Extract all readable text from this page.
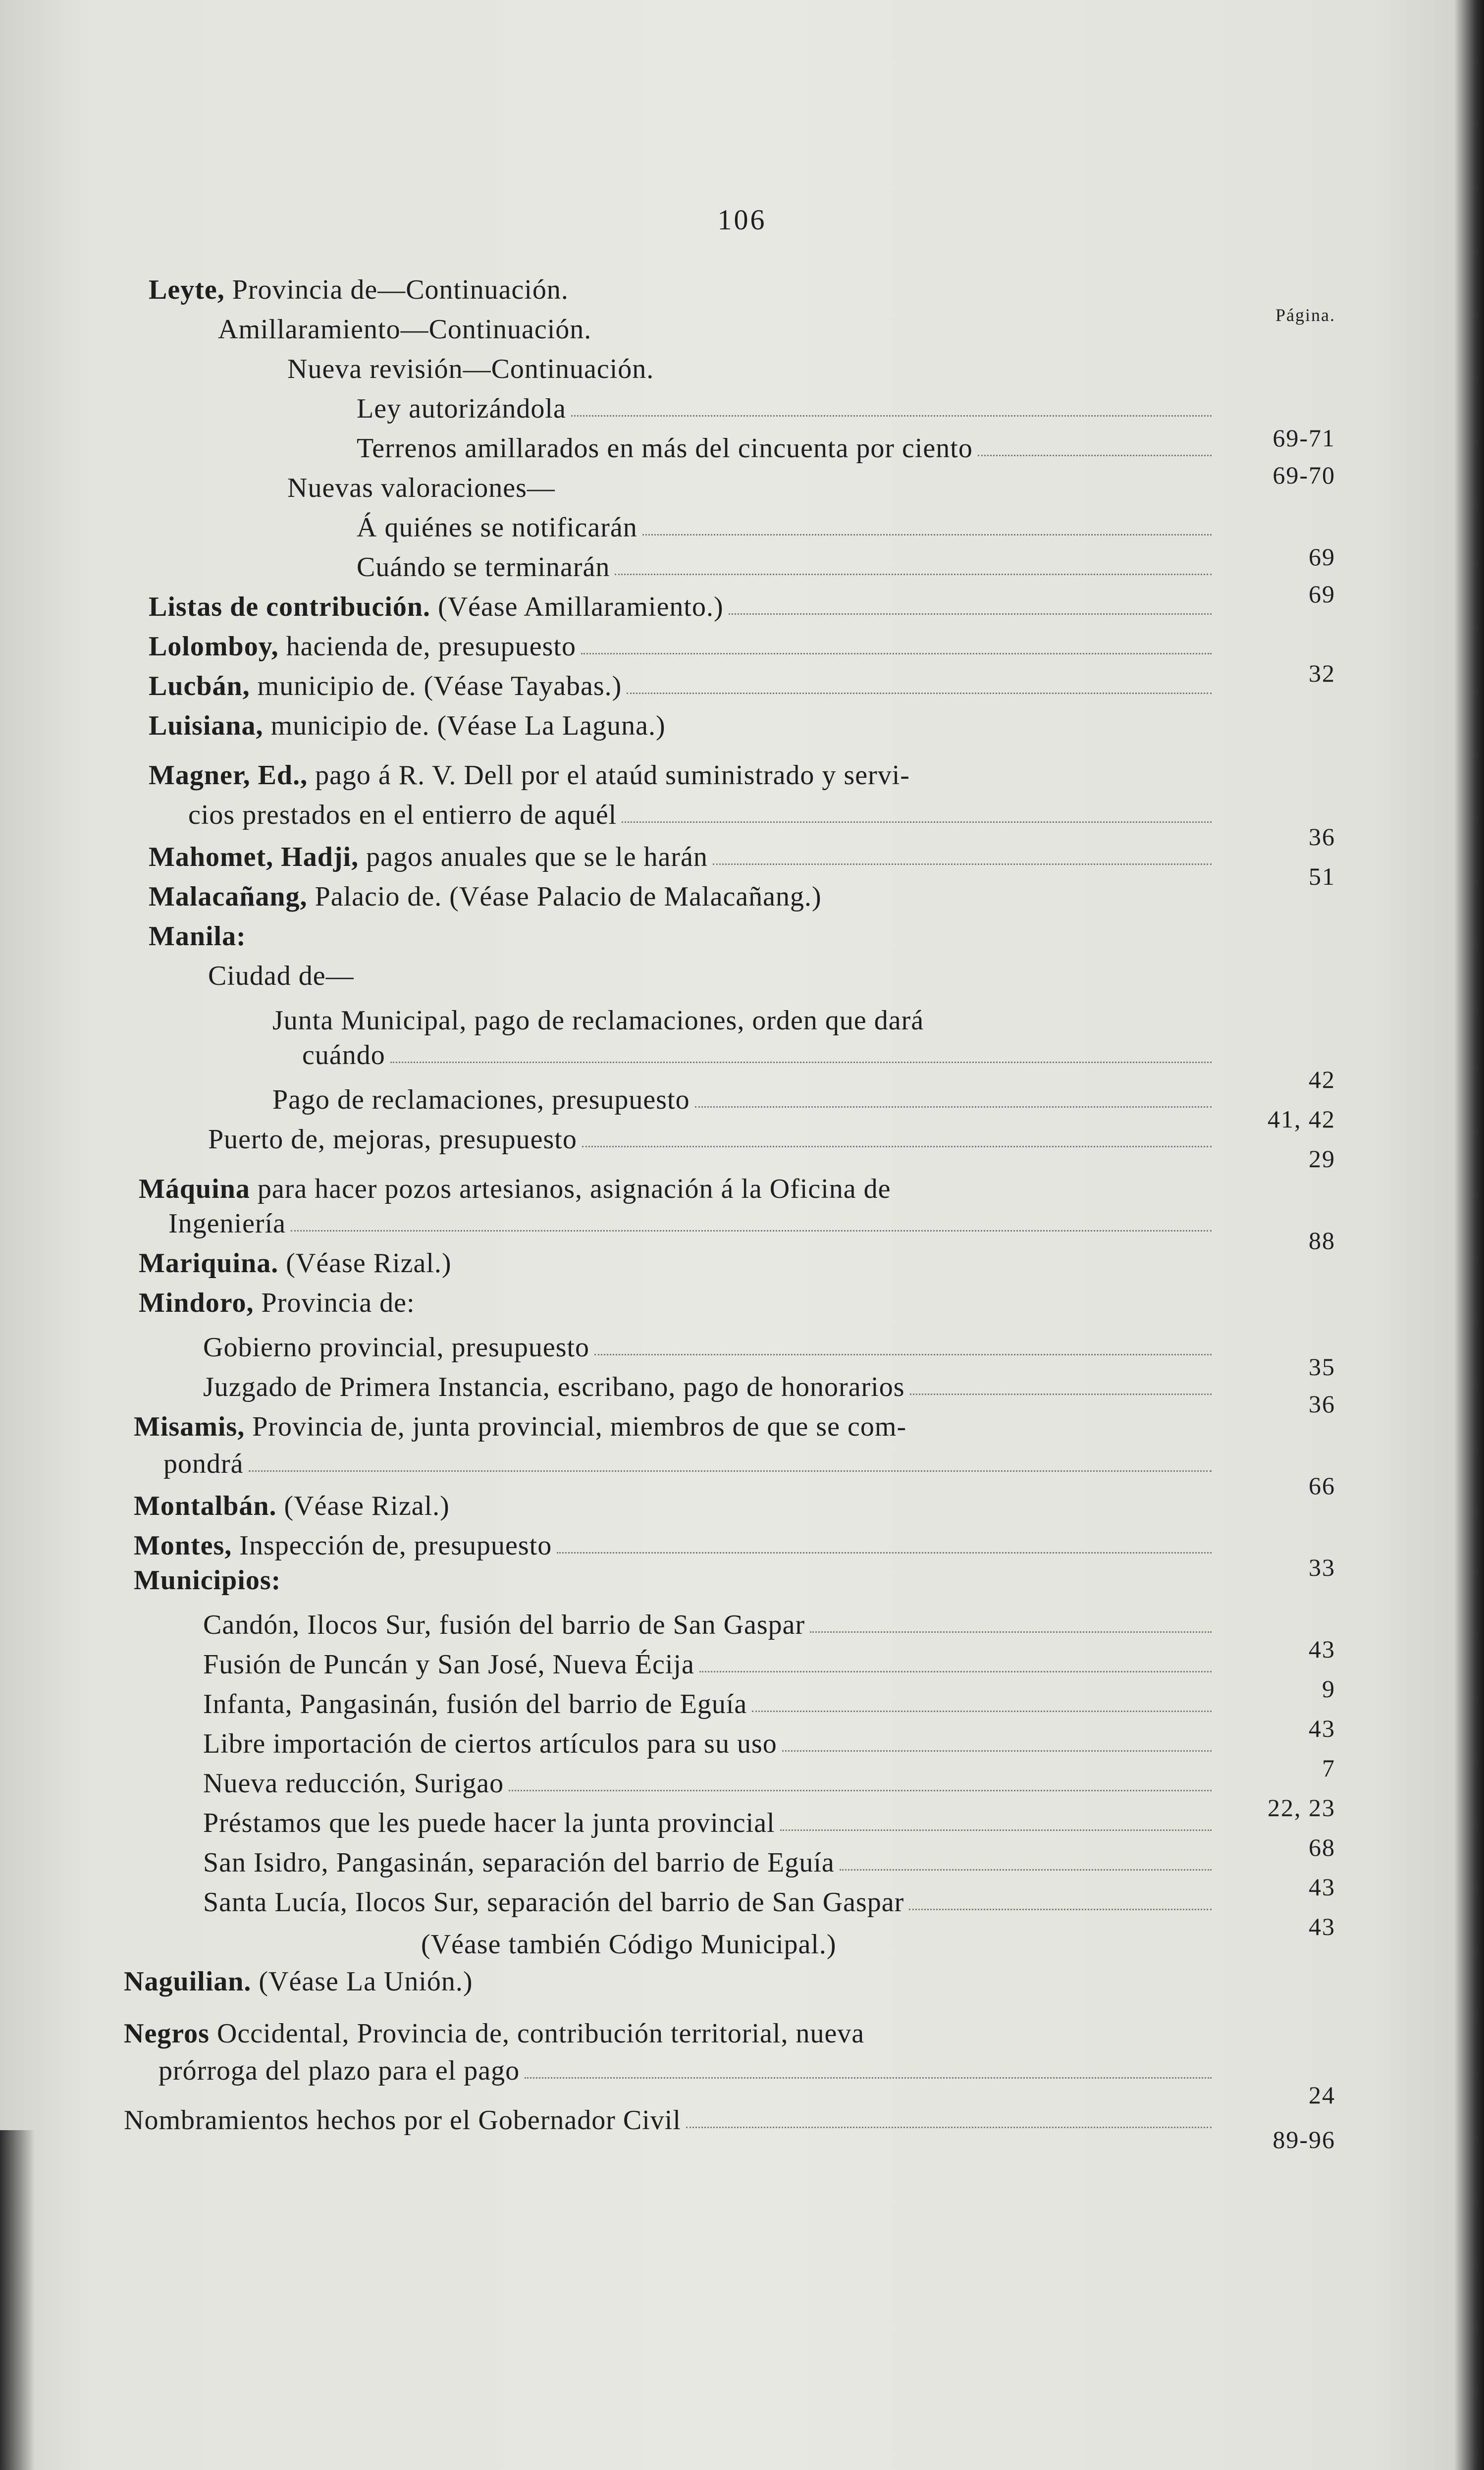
106
Página.
Leyte, Provincia de—Continuación.
Amillaramiento—Continuación.
Nueva revisión—Continuación.
Ley autorizándola
Terrenos amillarados en más del cincuenta por ciento
Nuevas valoraciones—
Á quiénes se notificarán
Cuándo se terminarán
Listas de contribución. (Véase Amillaramiento.)
Lolomboy, hacienda de, presupuesto
Lucbán, municipio de. (Véase Tayabas.)
Luisiana, municipio de. (Véase La Laguna.)
Magner, Ed., pago á R. V. Dell por el ataúd suministrado y servi-
cios prestados en el entierro de aquél
Mahomet, Hadji, pagos anuales que se le harán
Malacañang, Palacio de. (Véase Palacio de Malacañang.)
Manila:
Ciudad de—
Junta Municipal, pago de reclamaciones, orden que dará
cuándo
Pago de reclamaciones, presupuesto
Puerto de, mejoras, presupuesto
Máquina para hacer pozos artesianos, asignación á la Oficina de
Ingeniería
Mariquina. (Véase Rizal.)
Mindoro, Provincia de:
Gobierno provincial, presupuesto
Juzgado de Primera Instancia, escribano, pago de honorarios
Misamis, Provincia de, junta provincial, miembros de que se com-
pondrá
Montalbán. (Véase Rizal.)
Montes, Inspección de, presupuesto
Municipios:
Candón, Ilocos Sur, fusión del barrio de San Gaspar
Fusión de Puncán y San José, Nueva Écija
Infanta, Pangasinán, fusión del barrio de Eguía
Libre importación de ciertos artículos para su uso
Nueva reducción, Surigao
Préstamos que les puede hacer la junta provincial
San Isidro, Pangasinán, separación del barrio de Eguía
Santa Lucía, Ilocos Sur, separación del barrio de San Gaspar
(Véase también Código Municipal.)
Naguilian. (Véase La Unión.)
Negros Occidental, Provincia de, contribución territorial, nueva
prórroga del plazo para el pago
Nombramientos hechos por el Gobernador Civil
69-71
69-70
69
69
32
36
51
42
41, 42
29
88
35
36
66
33
43
9
43
7
22, 23
68
43
43
24
89-96
